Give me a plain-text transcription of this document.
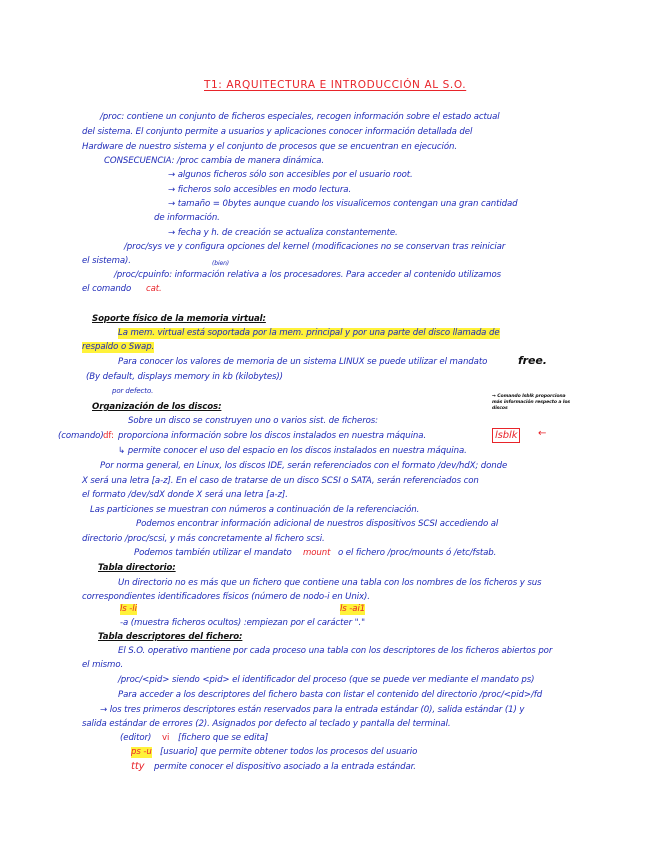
T1: ARQUITECTURA E INTRODUCCIÓN AL S.O.
/proc: contiene un conjunto de ficheros especiales, recogen información sobre el estado actual
del sistema. El conjunto permite a usuarios y aplicaciones conocer información detallada del
Hardware de nuestro sistema y el conjunto de procesos que se encuentran en ejecución.
CONSECUENCIA: /proc cambia de manera dinámica.
→ algunos ficheros sólo son accesibles por el usuario root.
→ ficheros solo accesibles en modo lectura.
→ tamaño = 0bytes aunque cuando los visualicemos contengan una gran cantidad
de información.
→ fecha y h. de creación se actualiza constantemente.
/proc/sys ve y configura opciones del kernel (modificaciones no se conservan tras reiniciar
el sistema).	(bien)
/proc/cpuinfo: información relativa a los procesadores. Para acceder al contenido utilizamos
el comando cat.
Soporte físico de la memoria virtual:
La mem. virtual está soportada por la mem. principal y por una parte del disco llamada de
respaldo o Swap.
Para conocer los valores de memoria de un sistema LINUX se puede utilizar el mandato	free.
(By default, displays memory in kb (kilobytes))
por defecto.
Organización de los discos:
→ Comando lsblk proporciona más información respecto a los discos
Sobre un disco se construyen uno o varios sist. de ficheros:
(comando) df: proporciona información sobre los discos instalados en nuestra máquina.	lsblk	←
↳ permite conocer el uso del espacio en los discos instalados en nuestra máquina.
Por norma general, en Linux, los discos IDE, serán referenciados con el formato /dev/hdX; donde
X será una letra [a-z]. En el caso de tratarse de un disco SCSI o SATA, serán referenciados con
el formato /dev/sdX donde X será una letra [a-z].
Las particiones se muestran con números a continuación de la referenciación.
Podemos encontrar información adicional de nuestros dispositivos SCSI accediendo al
directorio /proc/scsi, y más concretamente al fichero scsi.
Podemos también utilizar el mandato mount o el fichero /proc/mounts ó /etc/fstab.
Tabla directorio:
Un directorio no es más que un fichero que contiene una tabla con los nombres de los ficheros y sus
correspondientes identificadores físicos (número de nodo-i en Unix).
ls -li	ls -ai1
-a (muestra ficheros ocultos) :empiezan por el carácter "."
Tabla descriptores del fichero:
El S.O. operativo mantiene por cada proceso una tabla con los descriptores de los ficheros abiertos por
el mismo.
/proc/<pid> siendo <pid> el identificador del proceso (que se puede ver mediante el mandato ps)
Para acceder a los descriptores del fichero basta con listar el contenido del directorio /proc/<pid>/fd
→ los tres primeros descriptores están reservados para la entrada estándar (0), salida estándar (1) y
salida estándar de errores (2). Asignados por defecto al teclado y pantalla del terminal.
(editor) vi [fichero que se edita]
ps -u [usuario] que permite obtener todos los procesos del usuario
tty permite conocer el dispositivo asociado a la entrada estándar.
